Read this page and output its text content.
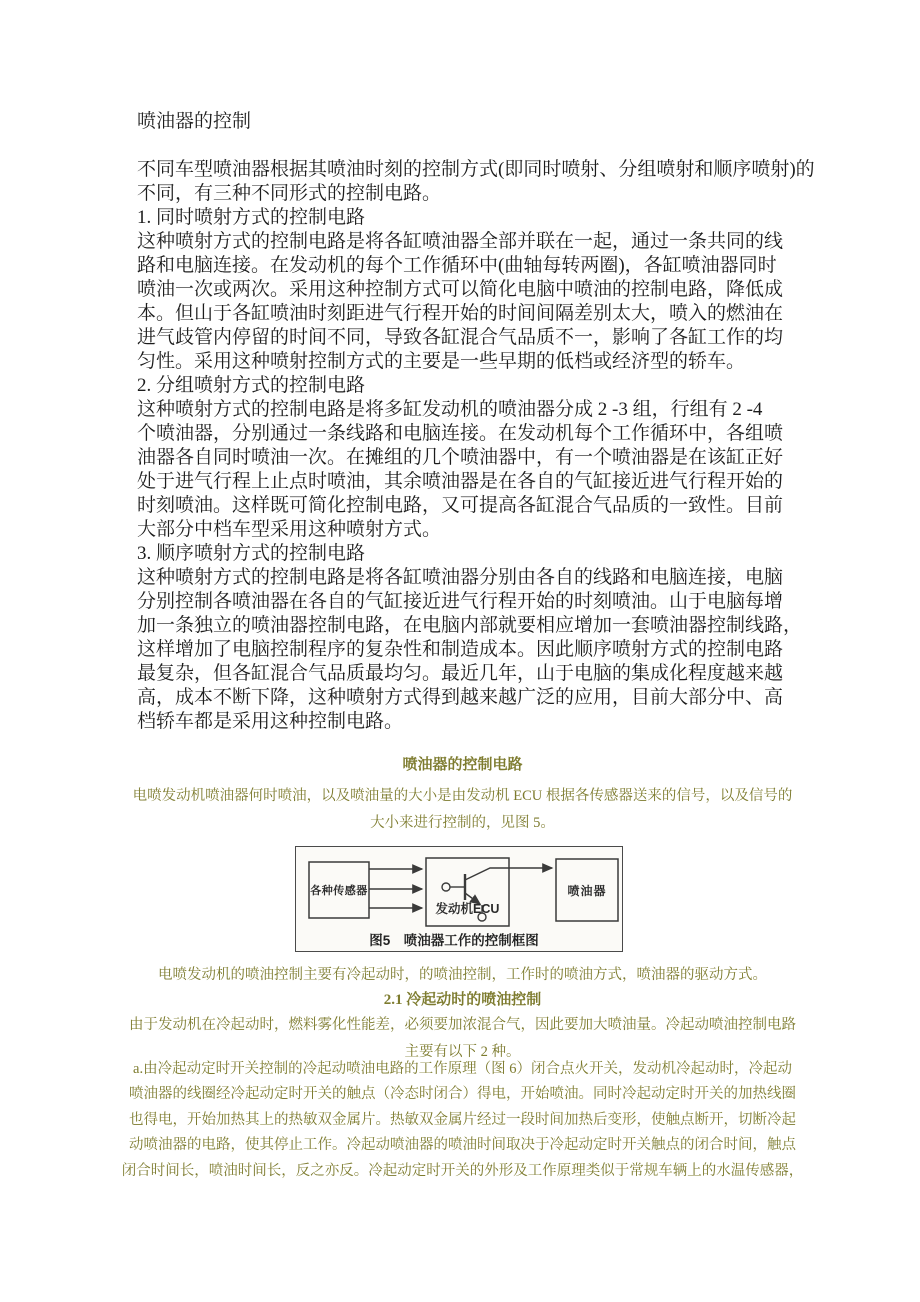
喷油器的控制
不同车型喷油器根据其喷油时刻的控制方式(即同时喷射、分组喷射和顺序喷射)的
不同，有三种不同形式的控制电路。
1. 同时喷射方式的控制电路
这种喷射方式的控制电路是将各缸喷油器全部并联在一起，通过一条共同的线
路和电脑连接。在发动机的每个工作循环中(曲轴每转两圈)，各缸喷油器同时
喷油一次或两次。采用这种控制方式可以简化电脑中喷油的控制电路，降低成
本。但山于各缸喷油时刻距进气行程开始的时间间隔差别太大，喷入的燃油在
进气歧管内停留的时间不同，导致各缸混合气品质不一，影响了各缸工作的均
匀性。采用这种喷射控制方式的主要是一些早期的低档或经济型的轿车。
2. 分组喷射方式的控制电路
这种喷射方式的控制电路是将多缸发动机的喷油器分成 2 -3 组，行组有 2 -4
个喷油器，分别通过一条线路和电脑连接。在发动机每个工作循环中，各组喷
油器各自同时喷油一次。在摊组的几个喷油器中，有一个喷油器是在该缸正好
处于进气行程上止点时喷油，其余喷油器是在各自的气缸接近进气行程开始的
时刻喷油。这样既可简化控制电路，又可提高各缸混合气品质的一致性。目前
大部分中档车型采用这种喷射方式。
3. 顺序喷射方式的控制电路
这种喷射方式的控制电路是将各缸喷油器分别由各自的线路和电脑连接，电脑
分别控制各喷油器在各自的气缸接近进气行程开始的时刻喷油。山于电脑每增
加一条独立的喷油器控制电路，在电脑内部就要相应增加一套喷油器控制线路，
这样增加了电脑控制程序的复杂性和制造成本。因此顺序喷射方式的控制电路
最复杂，但各缸混合气品质最均匀。最近几年，山于电脑的集成化程度越来越
高，成本不断下降，这种喷射方式得到越来越广泛的应用，目前大部分中、高
档轿车都是采用这种控制电路。
喷油器的控制电路
电喷发动机喷油器何时喷油，以及喷油量的大小是由发动机 ECU 根据各传感器送来的信号，以及信号的
大小来进行控制的，见图 5。
各种传感器
发动机ECU
喷油器
图5　喷油器工作的控制框图
电喷发动机的喷油控制主要有冷起动时，的喷油控制，工作时的喷油方式，喷油器的驱动方式。
2.1 冷起动时的喷油控制
由于发动机在冷起动时，燃料雾化性能差，必须要加浓混合气，因此要加大喷油量。冷起动喷油控制电路
主要有以下 2 种。
a.由冷起动定时开关控制的冷起动喷油电路的工作原理（图 6）闭合点火开关，发动机冷起动时，冷起动
喷油器的线圈经冷起动定时开关的触点（冷态时闭合）得电，开始喷油。同时冷起动定时开关的加热线圈
也得电，开始加热其上的热敏双金属片。热敏双金属片经过一段时间加热后变形，使触点断开，切断冷起
动喷油器的电路，使其停止工作。冷起动喷油器的喷油时间取决于冷起动定时开关触点的闭合时间，触点
闭合时间长，喷油时间长，反之亦反。冷起动定时开关的外形及工作原理类似于常规车辆上的水温传感器，
